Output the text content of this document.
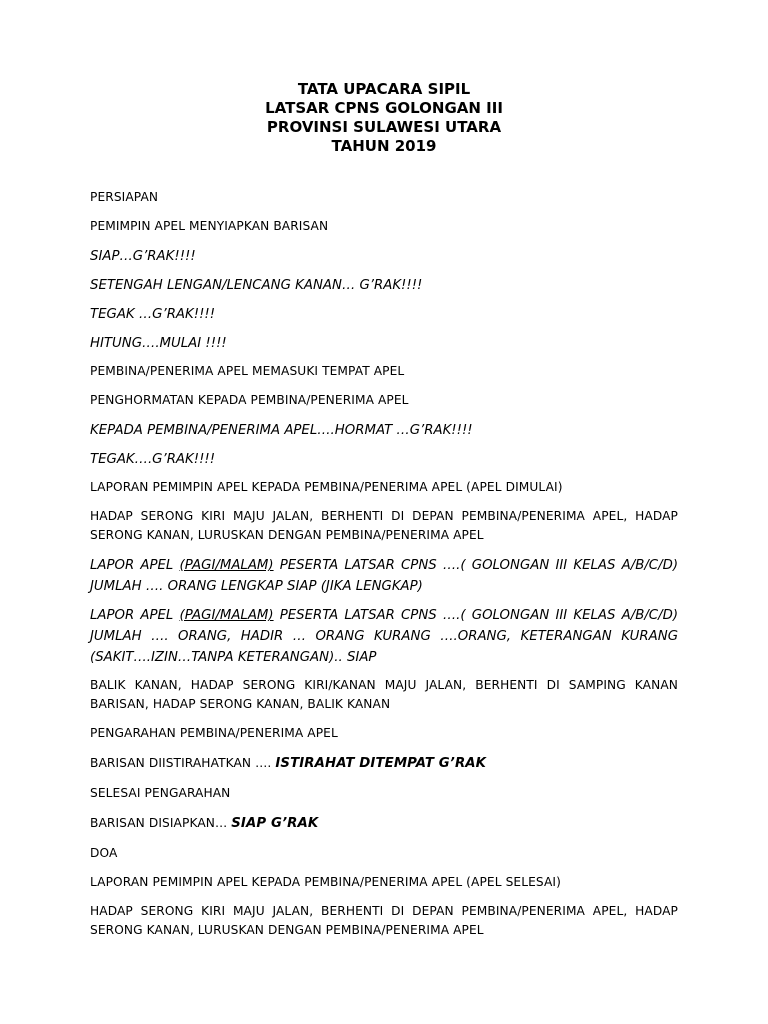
TATA UPACARA SIPIL
LATSAR CPNS GOLONGAN III
PROVINSI SULAWESI UTARA
TAHUN 2019
PERSIAPAN
PEMIMPIN APEL MENYIAPKAN BARISAN
SIAP…G’RAK!!!!
SETENGAH LENGAN/LENCANG KANAN… G’RAK!!!!
TEGAK …G’RAK!!!!
HITUNG….MULAI !!!!
PEMBINA/PENERIMA APEL MEMASUKI TEMPAT APEL
PENGHORMATAN KEPADA PEMBINA/PENERIMA APEL
KEPADA PEMBINA/PENERIMA APEL….HORMAT …G’RAK!!!!
TEGAK….G’RAK!!!!
LAPORAN PEMIMPIN APEL KEPADA PEMBINA/PENERIMA APEL (APEL DIMULAI)
HADAP SERONG KIRI MAJU JALAN, BERHENTI DI DEPAN PEMBINA/PENERIMA APEL, HADAP SERONG KANAN, LURUSKAN DENGAN PEMBINA/PENERIMA APEL
LAPOR APEL (PAGI/MALAM) PESERTA LATSAR CPNS ….( GOLONGAN III KELAS A/B/C/D) JUMLAH …. ORANG LENGKAP SIAP (JIKA LENGKAP)
LAPOR APEL (PAGI/MALAM) PESERTA LATSAR CPNS ….( GOLONGAN III KELAS A/B/C/D) JUMLAH …. ORANG, HADIR … ORANG KURANG ….ORANG, KETERANGAN KURANG (SAKIT….IZIN…TANPA KETERANGAN).. SIAP
BALIK KANAN, HADAP SERONG KIRI/KANAN MAJU JALAN, BERHENTI DI SAMPING KANAN BARISAN, HADAP SERONG KANAN, BALIK KANAN
PENGARAHAN PEMBINA/PENERIMA APEL
BARISAN DIISTIRAHATKAN …. ISTIRAHAT DITEMPAT G’RAK
SELESAI PENGARAHAN
BARISAN DISIAPKAN… SIAP G’RAK
DOA
LAPORAN PEMIMPIN APEL KEPADA PEMBINA/PENERIMA APEL (APEL SELESAI)
HADAP SERONG KIRI MAJU JALAN, BERHENTI DI DEPAN PEMBINA/PENERIMA APEL, HADAP SERONG KANAN, LURUSKAN DENGAN PEMBINA/PENERIMA APEL
